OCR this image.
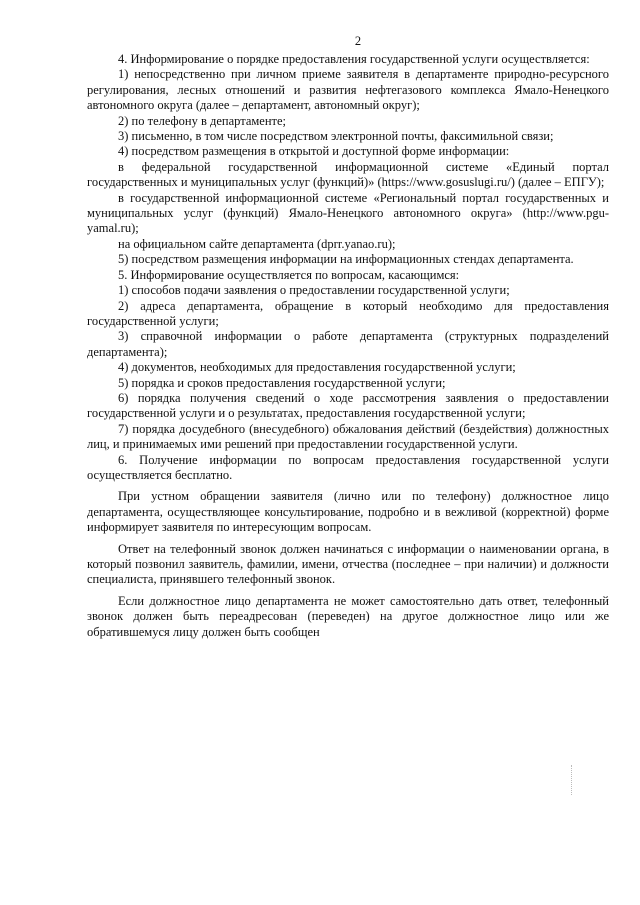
2

4. Информирование о порядке предоставления государственной услуги осуществляется:

1) непосредственно при личном приеме заявителя в департаменте природно-ресурсного регулирования, лесных отношений и развития нефтегазового комплекса Ямало-Ненецкого автономного округа (далее – департамент, автономный округ);

2) по телефону в департаменте;

3) письменно, в том числе посредством электронной почты, факсимильной связи;

4) посредством размещения в открытой и доступной форме информации:

в федеральной государственной информационной системе «Единый портал государственных и муниципальных услуг (функций)» (https://www.gosuslugi.ru/) (далее – ЕПГУ);

в государственной информационной системе «Региональный портал государственных и муниципальных услуг (функций) Ямало-Ненецкого автономного округа» (http://www.pgu-yamal.ru);

на официальном сайте департамента (dprr.yanao.ru);

5) посредством размещения информации на информационных стендах департамента.

5. Информирование осуществляется по вопросам, касающимся:

1) способов подачи заявления о предоставлении государственной услуги;

2) адреса департамента, обращение в который необходимо для предоставления государственной услуги;

3) справочной информации о работе департамента (структурных подразделений департамента);

4) документов, необходимых для предоставления государственной услуги;

5) порядка и сроков предоставления государственной услуги;

6) порядка получения сведений о ходе рассмотрения заявления о предоставлении государственной услуги и о результатах, предоставления государственной услуги;

7) порядка досудебного (внесудебного) обжалования действий (бездействия) должностных лиц, и принимаемых ими решений при предоставлении государственной услуги.

6. Получение информации по вопросам предоставления государственной услуги осуществляется бесплатно.

При устном обращении заявителя (лично или по телефону) должностное лицо департамента, осуществляющее консультирование, подробно и в вежливой (корректной) форме информирует заявителя по интересующим вопросам.

Ответ на телефонный звонок должен начинаться с информации о наименовании органа, в который позвонил заявитель, фамилии, имени, отчества (последнее – при наличии) и должности специалиста, принявшего телефонный звонок.

Если должностное лицо департамента не может самостоятельно дать ответ, телефонный звонок должен быть переадресован (переведен) на другое должностное лицо или же обратившемуся лицу должен быть сообщен
